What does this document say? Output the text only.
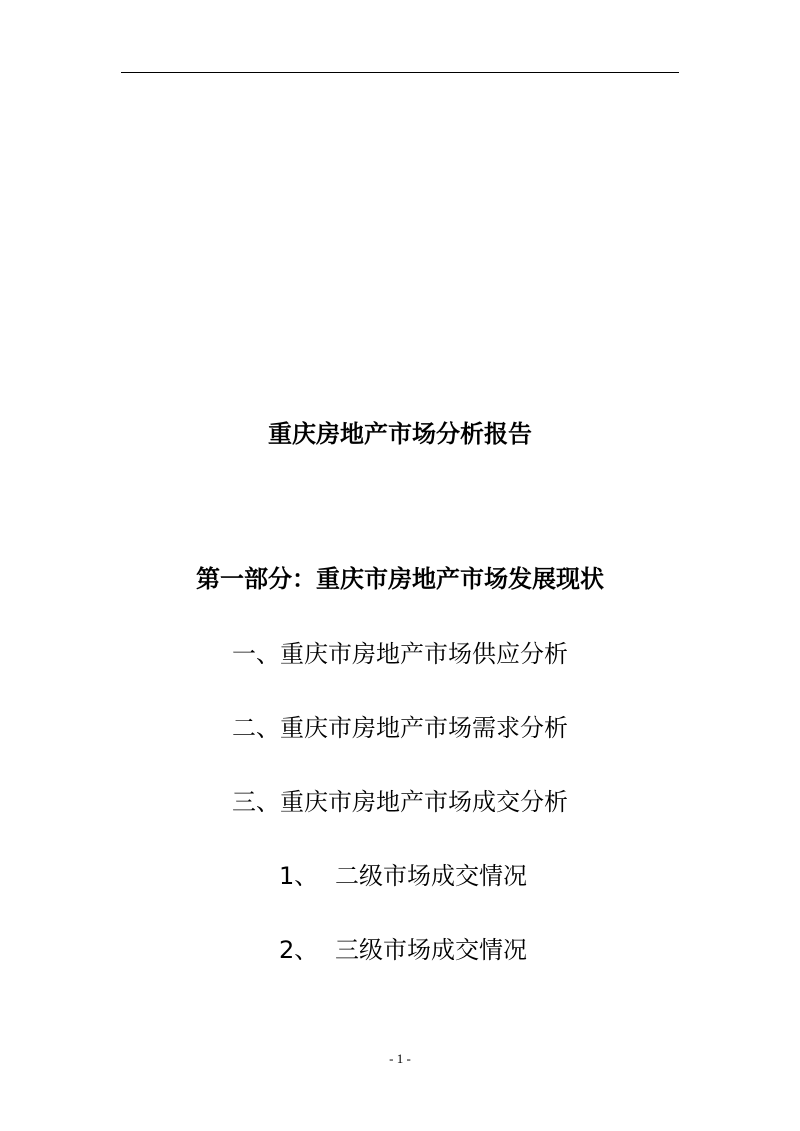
重庆房地产市场分析报告
第一部分：重庆市房地产市场发展现状
一、重庆市房地产市场供应分析
二、重庆市房地产市场需求分析
三、重庆市房地产市场成交分析
1、 二级市场成交情况
2、 三级市场成交情况
- 1 -
